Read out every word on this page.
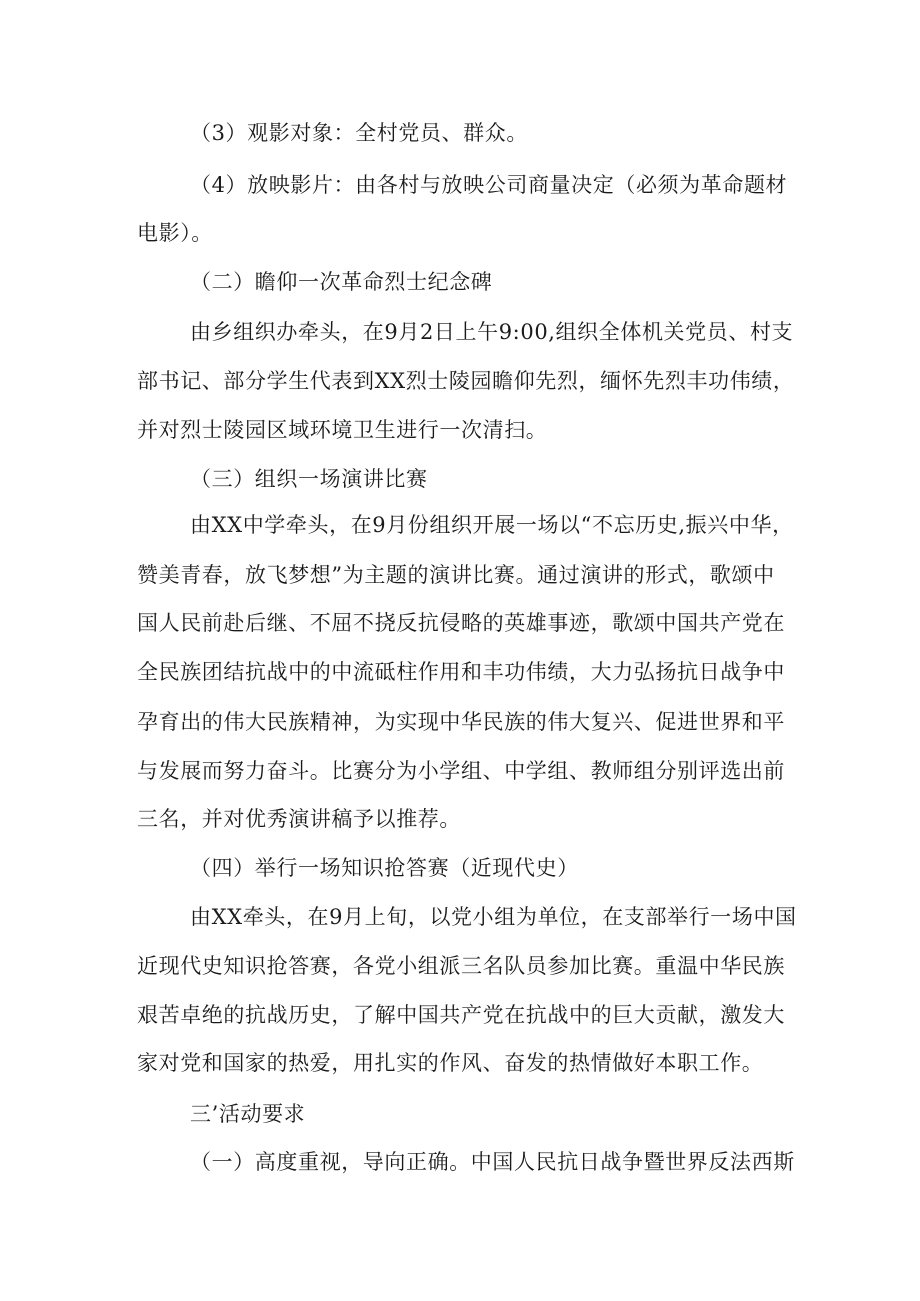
（3）观影对象：全村党员、群众。
（4）放映影片：由各村与放映公司商量决定（必须为革命题材
电影）。
（二）瞻仰一次革命烈士纪念碑
由乡组织办牵头，在9月2日上午9:00,组织全体机关党员、村支
部书记、部分学生代表到XX烈士陵园瞻仰先烈，缅怀先烈丰功伟绩，
并对烈士陵园区域环境卫生进行一次清扫。
（三）组织一场演讲比赛
由XX中学牵头，在9月份组织开展一场以“不忘历史,振兴中华，
赞美青春，放飞梦想”为主题的演讲比赛。通过演讲的形式，歌颂中
国人民前赴后继、不屈不挠反抗侵略的英雄事迹，歌颂中国共产党在
全民族团结抗战中的中流砥柱作用和丰功伟绩，大力弘扬抗日战争中
孕育出的伟大民族精神，为实现中华民族的伟大复兴、促进世界和平
与发展而努力奋斗。比赛分为小学组、中学组、教师组分别评选出前
三名，并对优秀演讲稿予以推荐。
（四）举行一场知识抢答赛（近现代史）
由XX牵头，在9月上旬，以党小组为单位，在支部举行一场中国
近现代史知识抢答赛，各党小组派三名队员参加比赛。重温中华民族
艰苦卓绝的抗战历史，了解中国共产党在抗战中的巨大贡献，激发大
家对党和国家的热爱，用扎实的作风、奋发的热情做好本职工作。
三’活动要求
（一）高度重视，导向正确。中国人民抗日战争暨世界反法西斯
